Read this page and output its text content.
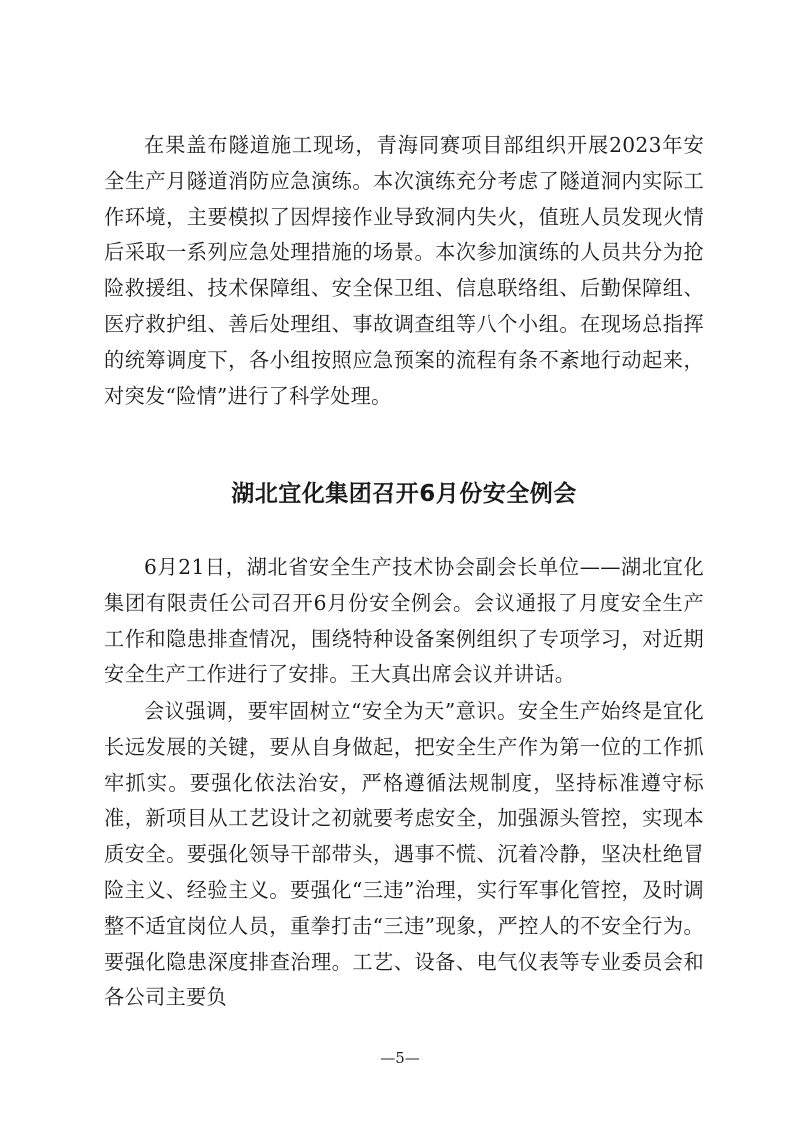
在果盖布隧道施工现场，青海同赛项目部组织开展2023年安全生产月隧道消防应急演练。本次演练充分考虑了隧道洞内实际工作环境，主要模拟了因焊接作业导致洞内失火，值班人员发现火情后采取一系列应急处理措施的场景。本次参加演练的人员共分为抢险救援组、技术保障组、安全保卫组、信息联络组、后勤保障组、医疗救护组、善后处理组、事故调查组等八个小组。在现场总指挥的统筹调度下，各小组按照应急预案的流程有条不紊地行动起来，对突发“险情”进行了科学处理。

湖北宜化集团召开6月份安全例会

6月21日，湖北省安全生产技术协会副会长单位——湖北宜化集团有限责任公司召开6月份安全例会。会议通报了月度安全生产工作和隐患排查情况，围绕特种设备案例组织了专项学习，对近期安全生产工作进行了安排。王大真出席会议并讲话。

会议强调，要牢固树立“安全为天”意识。安全生产始终是宜化长远发展的关键，要从自身做起，把安全生产作为第一位的工作抓牢抓实。要强化依法治安，严格遵循法规制度，坚持标准遵守标准，新项目从工艺设计之初就要考虑安全，加强源头管控，实现本质安全。要强化领导干部带头，遇事不慌、沉着冷静，坚决杜绝冒险主义、经验主义。要强化“三违”治理，实行军事化管控，及时调整不适宜岗位人员，重拳打击“三违”现象，严控人的不安全行为。要强化隐患深度排查治理。工艺、设备、电气仪表等专业委员会和各公司主要负

—5—
